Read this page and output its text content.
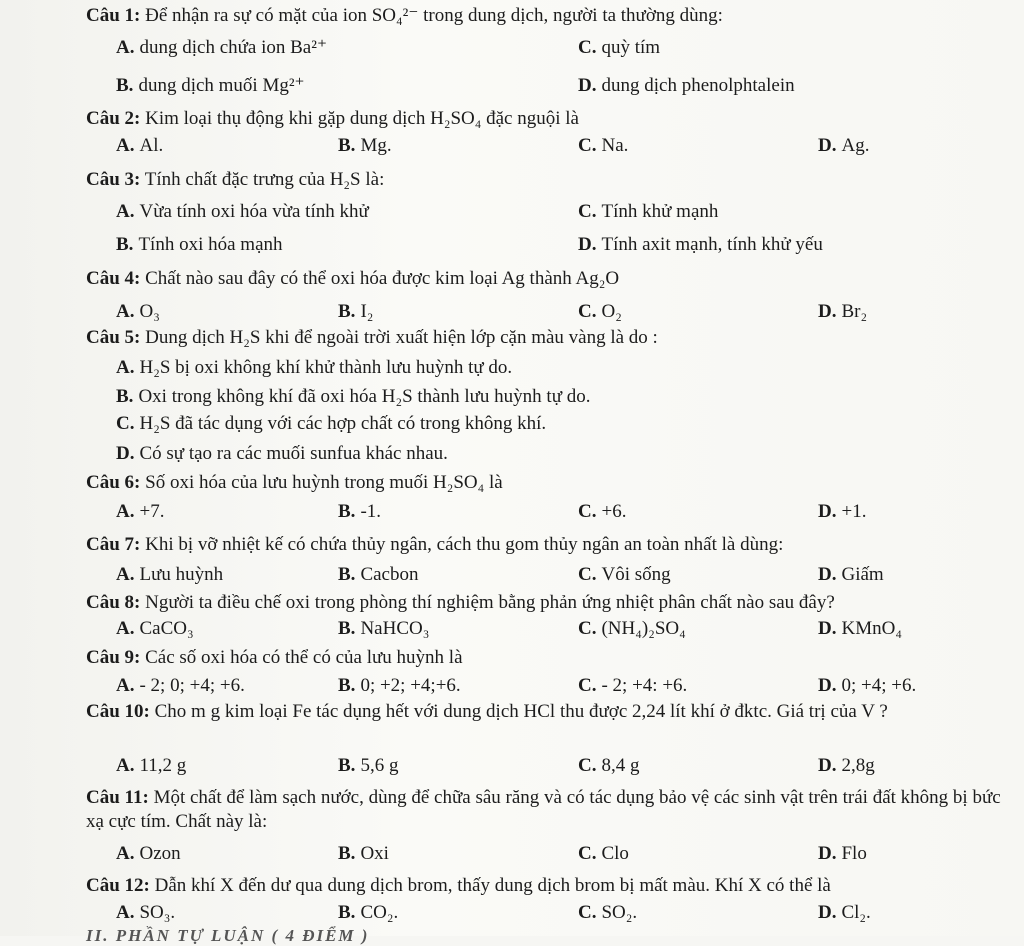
Câu 1: Để nhận ra sự có mặt của ion SO₄²⁻ trong dung dịch, người ta thường dùng:
A. dung dịch chứa ion Ba²⁺	C. quỳ tím
B. dung dịch muối Mg²⁺	D. dung dịch phenolphtalein
Câu 2: Kim loại thụ động khi gặp dung dịch H₂SO₄ đặc nguội là
A. Al.	B. Mg.	C. Na.	D. Ag.
Câu 3: Tính chất đặc trưng của H₂S là:
A. Vừa tính oxi hóa vừa tính khử	C. Tính khử mạnh
B. Tính oxi hóa mạnh	D. Tính axit mạnh, tính khử yếu
Câu 4: Chất nào sau đây có thể oxi hóa được kim loại Ag thành Ag₂O
A. O₃	B. I₂	C. O₂	D. Br₂
Câu 5: Dung dịch H₂S khi để ngoài trời xuất hiện lớp cặn màu vàng là do :
A. H₂S bị oxi không khí khử thành lưu huỳnh tự do.
B. Oxi trong không khí đã oxi hóa H₂S thành lưu huỳnh tự do.
C. H₂S đã tác dụng với các hợp chất có trong không khí.
D. Có sự tạo ra các muối sunfua khác nhau.
Câu 6: Số oxi hóa của lưu huỳnh trong muối H₂SO₄ là
A. +7.	B. -1.	C. +6.	D. +1.
Câu 7: Khi bị vỡ nhiệt kế có chứa thủy ngân, cách thu gom thủy ngân an toàn nhất là dùng:
A. Lưu huỳnh	B. Cacbon	C. Vôi sống	D. Giấm
Câu 8: Người ta điều chế oxi trong phòng thí nghiệm bằng phản ứng nhiệt phân chất nào sau đây?
A. CaCO₃	B. NaHCO₃	C. (NH₄)₂SO₄	D. KMnO₄
Câu 9: Các số oxi hóa có thể có của lưu huỳnh là
A. - 2; 0; +4; +6.	B. 0; +2; +4;+6.	C. - 2; +4: +6.	D. 0; +4; +6.
Câu 10: Cho m g kim loại Fe tác dụng hết với dung dịch HCl thu được 2,24 lít khí ở đktc. Giá trị của V ?
A. 11,2 g	B. 5,6 g	C. 8,4 g	D. 2,8g
Câu 11: Một chất để làm sạch nước, dùng để chữa sâu răng và có tác dụng bảo vệ các sinh vật trên trái đất không bị bức xạ cực tím. Chất này là:
A. Ozon	B. Oxi	C. Clo	D. Flo
Câu 12: Dẫn khí X đến dư qua dung dịch brom, thấy dung dịch brom bị mất màu. Khí X có thể là
A. SO₃.	B. CO₂.	C. SO₂.	D. Cl₂.
II. PHẦN TỰ LUẬN ( 4 ĐIỂM )
